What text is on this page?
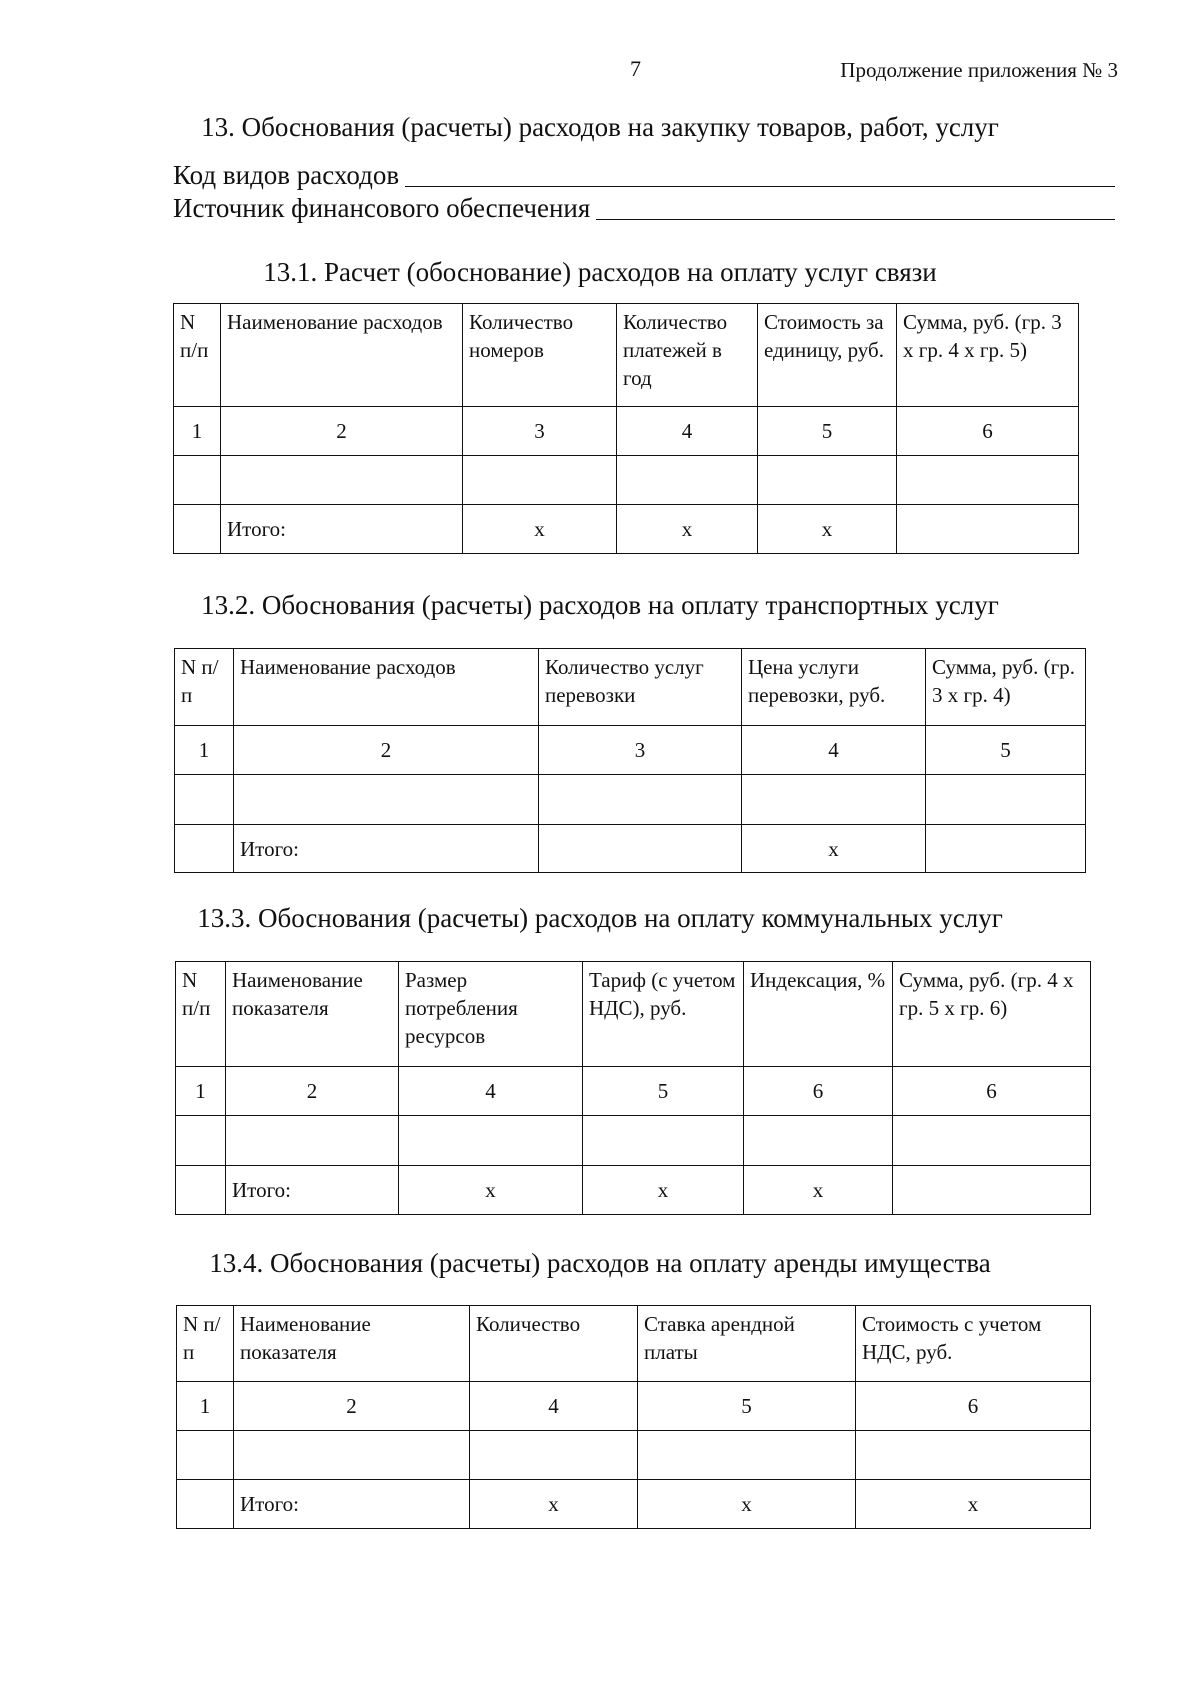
7	Продолжение приложения № 3
13. Обоснования (расчеты) расходов на закупку товаров, работ, услуг
Код видов расходов
Источник финансового обеспечения
13.1. Расчет (обоснование) расходов на оплату услуг связи
N п/п	Наименование расходов	Количество номеров	Количество платежей в год	Стоимость за единицу, руб.	Сумма, руб. (гр. 3 x гр. 4 x гр. 5)
1	2	3	4	5	6

	Итого:	x	x	x	
13.2. Обоснования (расчеты) расходов на оплату транспортных услуг
N п/ п	Наименование расходов	Количество услуг перевозки	Цена услуги перевозки, руб.	Сумма, руб. (гр. 3 x гр. 4)
1	2	3	4	5

	Итого:		x	
13.3. Обоснования (расчеты) расходов на оплату коммунальных услуг
N п/п	Наименование показателя	Размер потребления ресурсов	Тариф (с учетом НДС), руб.	Индексация, %	Сумма, руб. (гр. 4 x гр. 5 x гр. 6)
1	2	4	5	6	6

	Итого:	x	x	x	
13.4. Обоснования (расчеты) расходов на оплату аренды имущества
N п/ п	Наименование показателя	Количество	Ставка арендной платы	Стоимость с учетом НДС, руб.
1	2	4	5	6

	Итого:	x	x	x
